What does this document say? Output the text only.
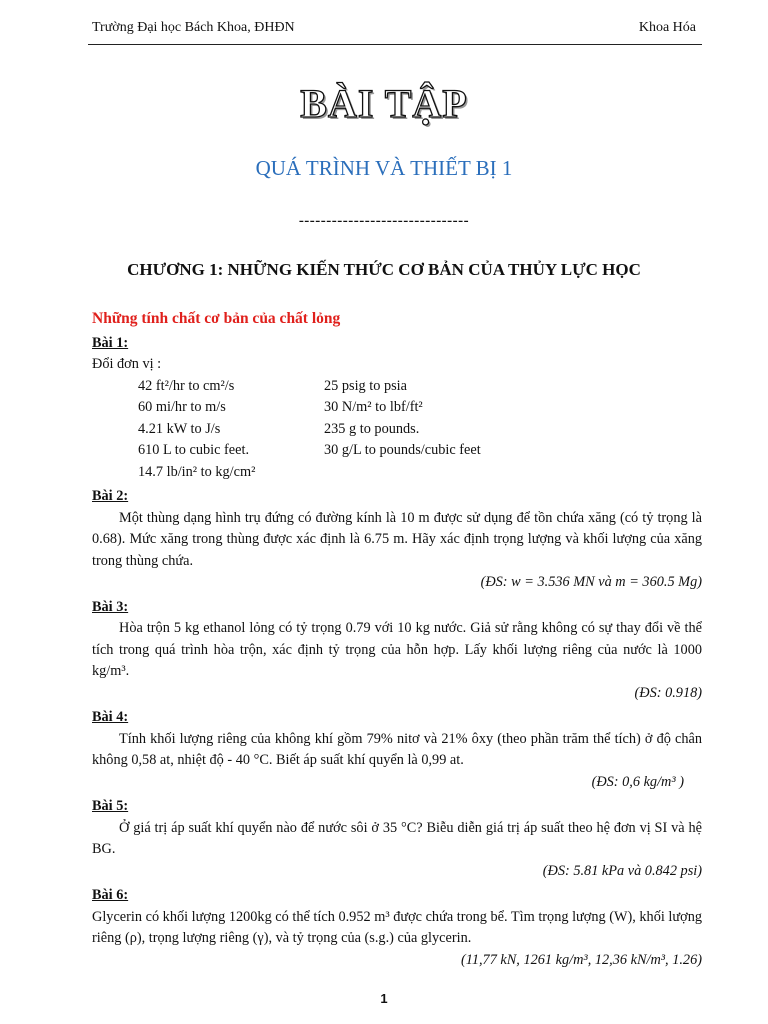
Trường Đại học Bách Khoa, ĐHĐN	Khoa Hóa
BÀI TẬP
QUÁ TRÌNH VÀ THIẾT BỊ 1
-------------------------------
CHƯƠNG 1: NHỮNG KIẾN THỨC CƠ BẢN CỦA THỦY LỰC HỌC
Những tính chất cơ bản của chất lỏng
Bài 1:
Đổi đơn vị :
42 ft²/hr to cm²/s	25 psig to psia
60 mi/hr to m/s	30 N/m² to lbf/ft²
4.21 kW to J/s	235 g to pounds.
610 L to cubic feet.	30 g/L to pounds/cubic feet
14.7 lb/in² to kg/cm²
Bài 2:
Một thùng dạng hình trụ đứng có đường kính là 10 m được sử dụng để tồn chứa xăng (có tỷ trọng là 0.68). Mức xăng trong thùng được xác định là 6.75 m. Hãy xác định trọng lượng và khối lượng của xăng trong thùng chứa.
(ĐS: w = 3.536 MN và m = 360.5 Mg)
Bài 3:
Hòa trộn 5 kg ethanol lỏng có tỷ trọng 0.79 với 10 kg nước. Giả sử rằng không có sự thay đổi về thể tích trong quá trình hòa trộn, xác định tỷ trọng của hỗn hợp. Lấy khối lượng riêng của nước là 1000 kg/m³.
(ĐS: 0.918)
Bài 4:
Tính khối lượng riêng của không khí gồm 79% nitơ và 21% ôxy (theo phần trăm thể tích) ở độ chân không 0,58 at, nhiệt độ - 40 °C. Biết áp suất khí quyển là 0,99 at.
(ĐS: 0,6 kg/m³ )
Bài 5:
Ở giá trị áp suất khí quyển nào để nước sôi ở 35 °C? Biễu diễn giá trị áp suất theo hệ đơn vị SI và hệ BG.
(ĐS: 5.81 kPa và 0.842 psi)
Bài 6:
Glycerin có khối lượng 1200kg có thể tích 0.952 m³ được chứa trong bể. Tìm trọng lượng (W), khối lượng riêng (ρ), trọng lượng riêng (γ), và tỷ trọng của (s.g.) của glycerin.
(11,77 kN, 1261 kg/m³, 12,36 kN/m³, 1.26)
1
